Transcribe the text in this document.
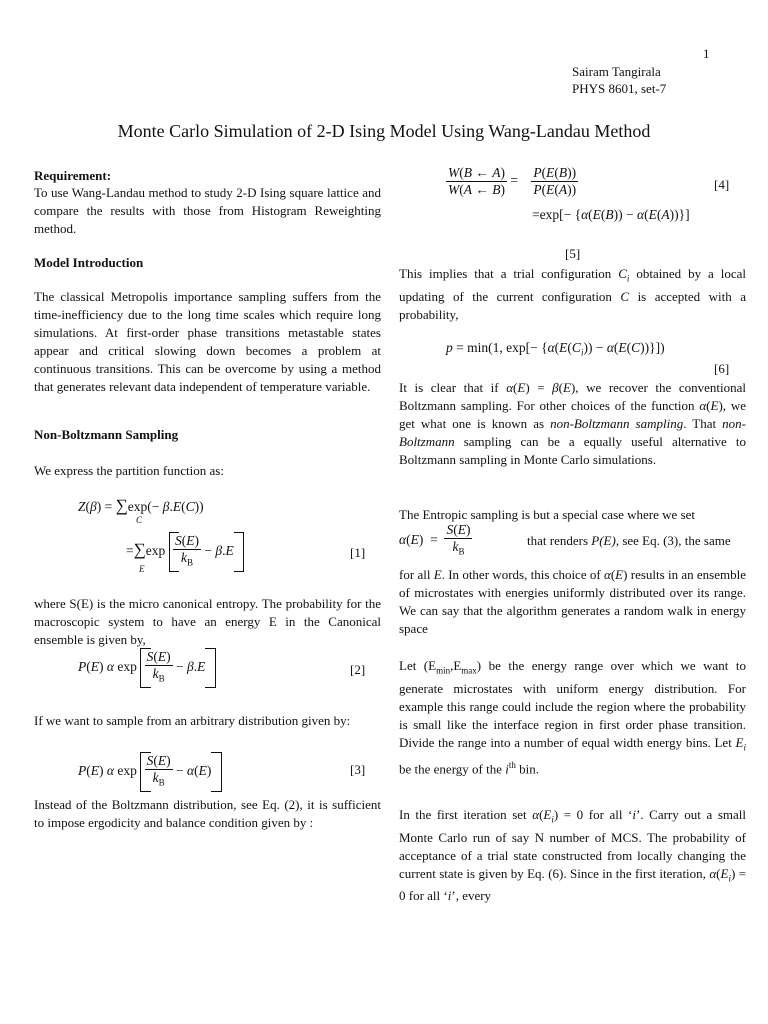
1
Sairam Tangirala
PHYS 8601, set-7
Monte Carlo Simulation of 2-D Ising Model Using Wang-Landau Method
Requirement:
To use Wang-Landau method to study 2-D Ising square lattice and compare the results with those from Histogram Reweighting method.
Model Introduction
The classical Metropolis importance sampling suffers from the time-inefficiency due to the long time scales which require long simulations. At first-order phase transitions metastable states appear and critical slowing down becomes a problem at continuous transitions. This can be overcome by using a method that generates relevant data independent of temperature variable.
Non-Boltzmann Sampling
We express the partition function as:
Z(β) = ∑exp(− β.E(C))
C
$=\sum\exp \frac{S(E)}{k_B} - \beta.E$
E
[1]
where S(E) is the micro canonical entropy. The probability for the macroscopic system to have an energy E in the Canonical ensemble is given by,
P(E) α $\exp \frac{S(E)}{k_B} - \beta.E$	[2]
If we want to sample from an arbitrary distribution given by:
P(E) α $\exp \frac{S(E)}{k_B} - \alpha(E)$	[3]
Instead of the Boltzmann distribution, see Eq. (2), it is sufficient to impose ergodicity and balance condition given by :
$\frac{W(B \leftarrow A)}{W(A \leftarrow B)} = \frac{P(E(B))}{P(E(A))}$	[4]
=exp[− {α(E(B)) − α(E(A))}]
[5]
This implies that a trial configuration $C_i$ obtained by a local updating of the current configuration C is accepted with a probability,
p = min(1, $\exp[- \{\alpha(E(C_i)) - \alpha(E(C))\}]$)
[6]
It is clear that if α(E) = β(E), we recover the conventional Boltzmann sampling. For other choices of the function α(E), we get what one is known as non-Boltzmann sampling. That non-Boltzmann sampling can be a equally useful alternative to Boltzmann sampling in Monte Carlo simulations.
The Entropic sampling is but a special case where we set
$\alpha(E) = \frac{S(E)}{k_B}$	that renders P(E), see Eq. (3), the same
for all E. In other words, this choice of α(E) results in an ensemble of microstates with energies uniformly distributed over its range. We can say that the algorithm generates a random walk in energy space
Let $(E_{min},E_{max})$ be the energy range over which we want to generate microstates with uniform energy distribution. For example this range could include the region where the probability is small like the interface region in first order phase transition. Divide the range into a number of equal width energy bins. Let $E_i$ be the energy of the $i^{th}$ bin.
In the first iteration set $\alpha(E_i) = 0$ for all ‘i’. Carry out a small Monte Carlo run of say N number of MCS. The probability of acceptance of a trial state constructed from locally changing the current state is given by Eq. (6). Since in the first iteration, $\alpha(E_i) = 0$ for all ‘i’, every
